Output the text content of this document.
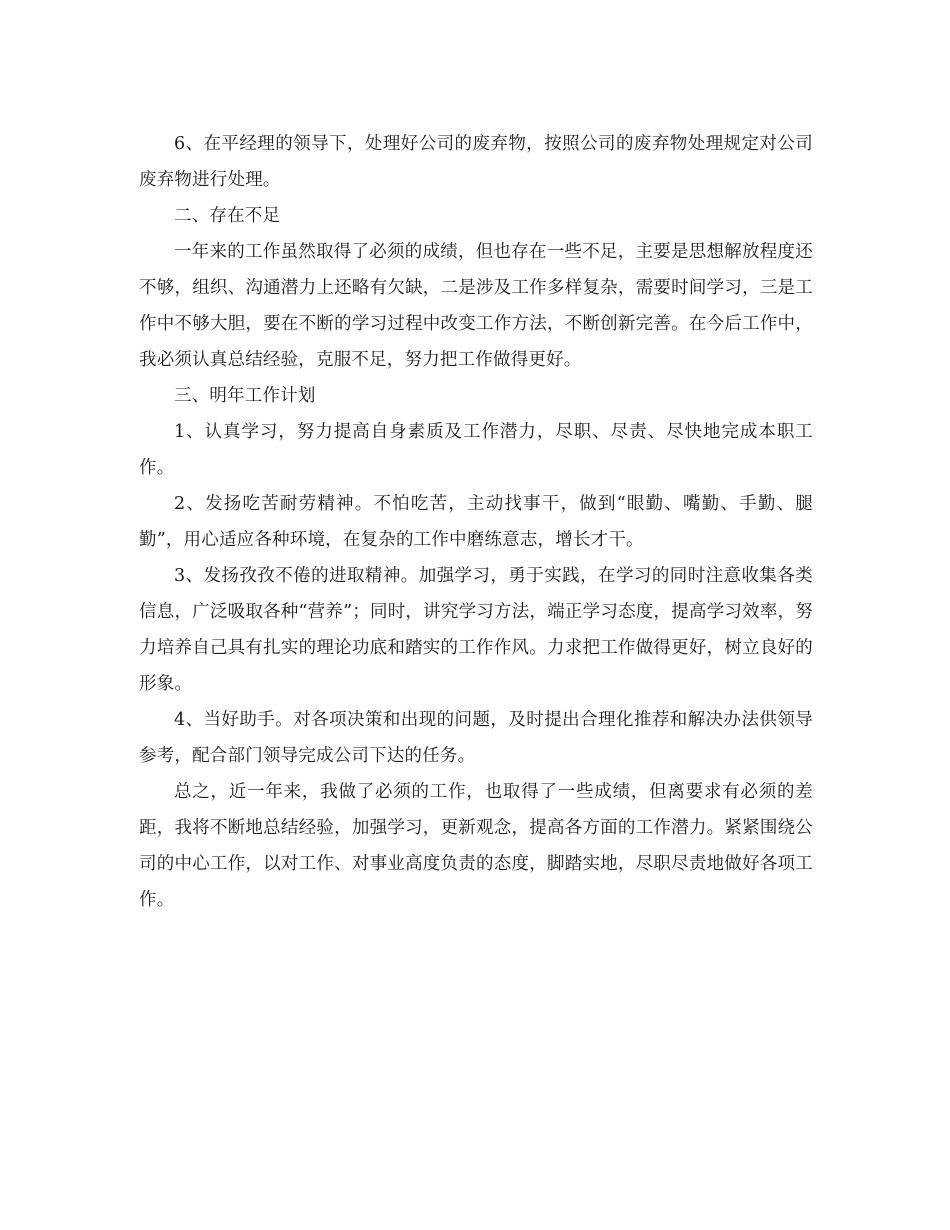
6、在平经理的领导下，处理好公司的废弃物，按照公司的废弃物处理规定对公司废弃物进行处理。

二、存在不足

一年来的工作虽然取得了必须的成绩，但也存在一些不足，主要是思想解放程度还不够，组织、沟通潜力上还略有欠缺，二是涉及工作多样复杂，需要时间学习，三是工作中不够大胆，要在不断的学习过程中改变工作方法，不断创新完善。在今后工作中，我必须认真总结经验，克服不足，努力把工作做得更好。

三、明年工作计划

1、认真学习，努力提高自身素质及工作潜力，尽职、尽责、尽快地完成本职工作。

2、发扬吃苦耐劳精神。不怕吃苦，主动找事干，做到“眼勤、嘴勤、手勤、腿勤”，用心适应各种环境，在复杂的工作中磨练意志，增长才干。

3、发扬孜孜不倦的进取精神。加强学习，勇于实践，在学习的同时注意收集各类信息，广泛吸取各种“营养”；同时，讲究学习方法，端正学习态度，提高学习效率，努力培养自己具有扎实的理论功底和踏实的工作作风。力求把工作做得更好，树立良好的形象。

4、当好助手。对各项决策和出现的问题，及时提出合理化推荐和解决办法供领导参考，配合部门领导完成公司下达的任务。

总之，近一年来，我做了必须的工作，也取得了一些成绩，但离要求有必须的差距，我将不断地总结经验，加强学习，更新观念，提高各方面的工作潜力。紧紧围绕公司的中心工作，以对工作、对事业高度负责的态度，脚踏实地，尽职尽责地做好各项工作。
